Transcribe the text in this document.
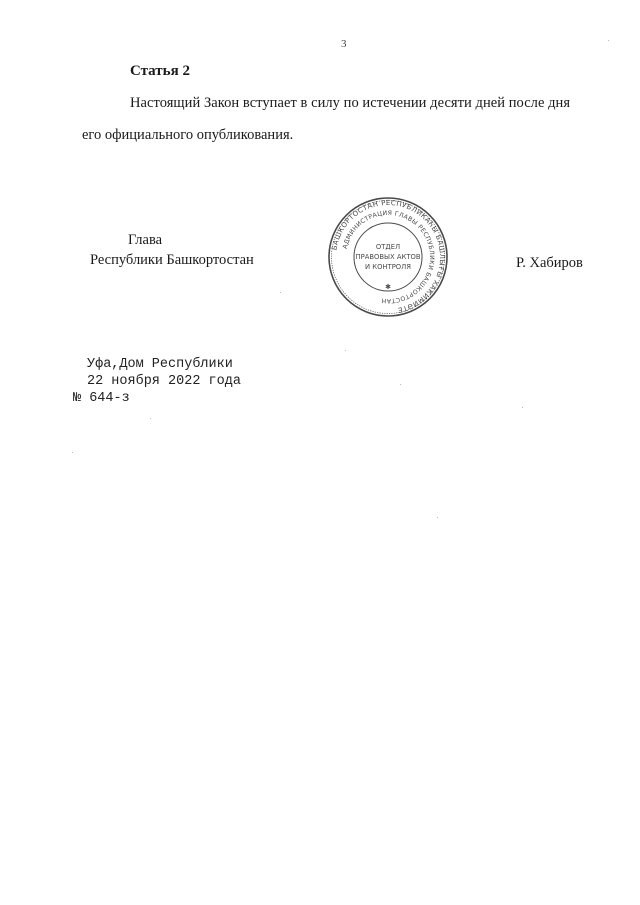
3
Статья 2
Настоящий Закон вступает в силу по истечении десяти дней после дня
его официального опубликования.
Глава
Республики Башкортостан	Р. Хабиров
БАШКОРТОСТАН РЕСПУБЛИКАҺЫ БАШЛЫҒЫ ХАКИМИӘТЕ
АДМИНИСТРАЦИЯ ГЛАВЫ РЕСПУБЛИКИ БАШКОРТОСТАН
ОТДЕЛ
ПРАВОВЫХ АКТОВ
И КОНТРОЛЯ
✱
Уфа,Дом Республики
22 ноября 2022 года
№ 644-з
